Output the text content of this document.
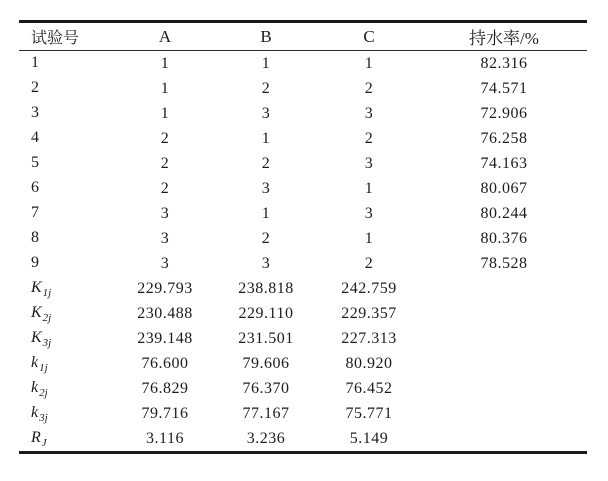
试验号	A	B	C	持水率/%
1	1	1	1	82.316
2	1	2	2	74.571
3	1	3	3	72.906
4	2	1	2	76.258
5	2	2	3	74.163
6	2	3	1	80.067
7	3	1	3	80.244
8	3	2	1	80.376
9	3	3	2	78.528
$K_{1j}$	229.793	238.818	242.759	
$K_{2j}$	230.488	229.110	229.357	
$K_{3j}$	239.148	231.501	227.313	
$k_{1j}$	76.600	79.606	80.920	
$k_{2j}$	76.829	76.370	76.452	
$k_{3j}$	79.716	77.167	75.771	
$R_J$	3.116	3.236	5.149	
